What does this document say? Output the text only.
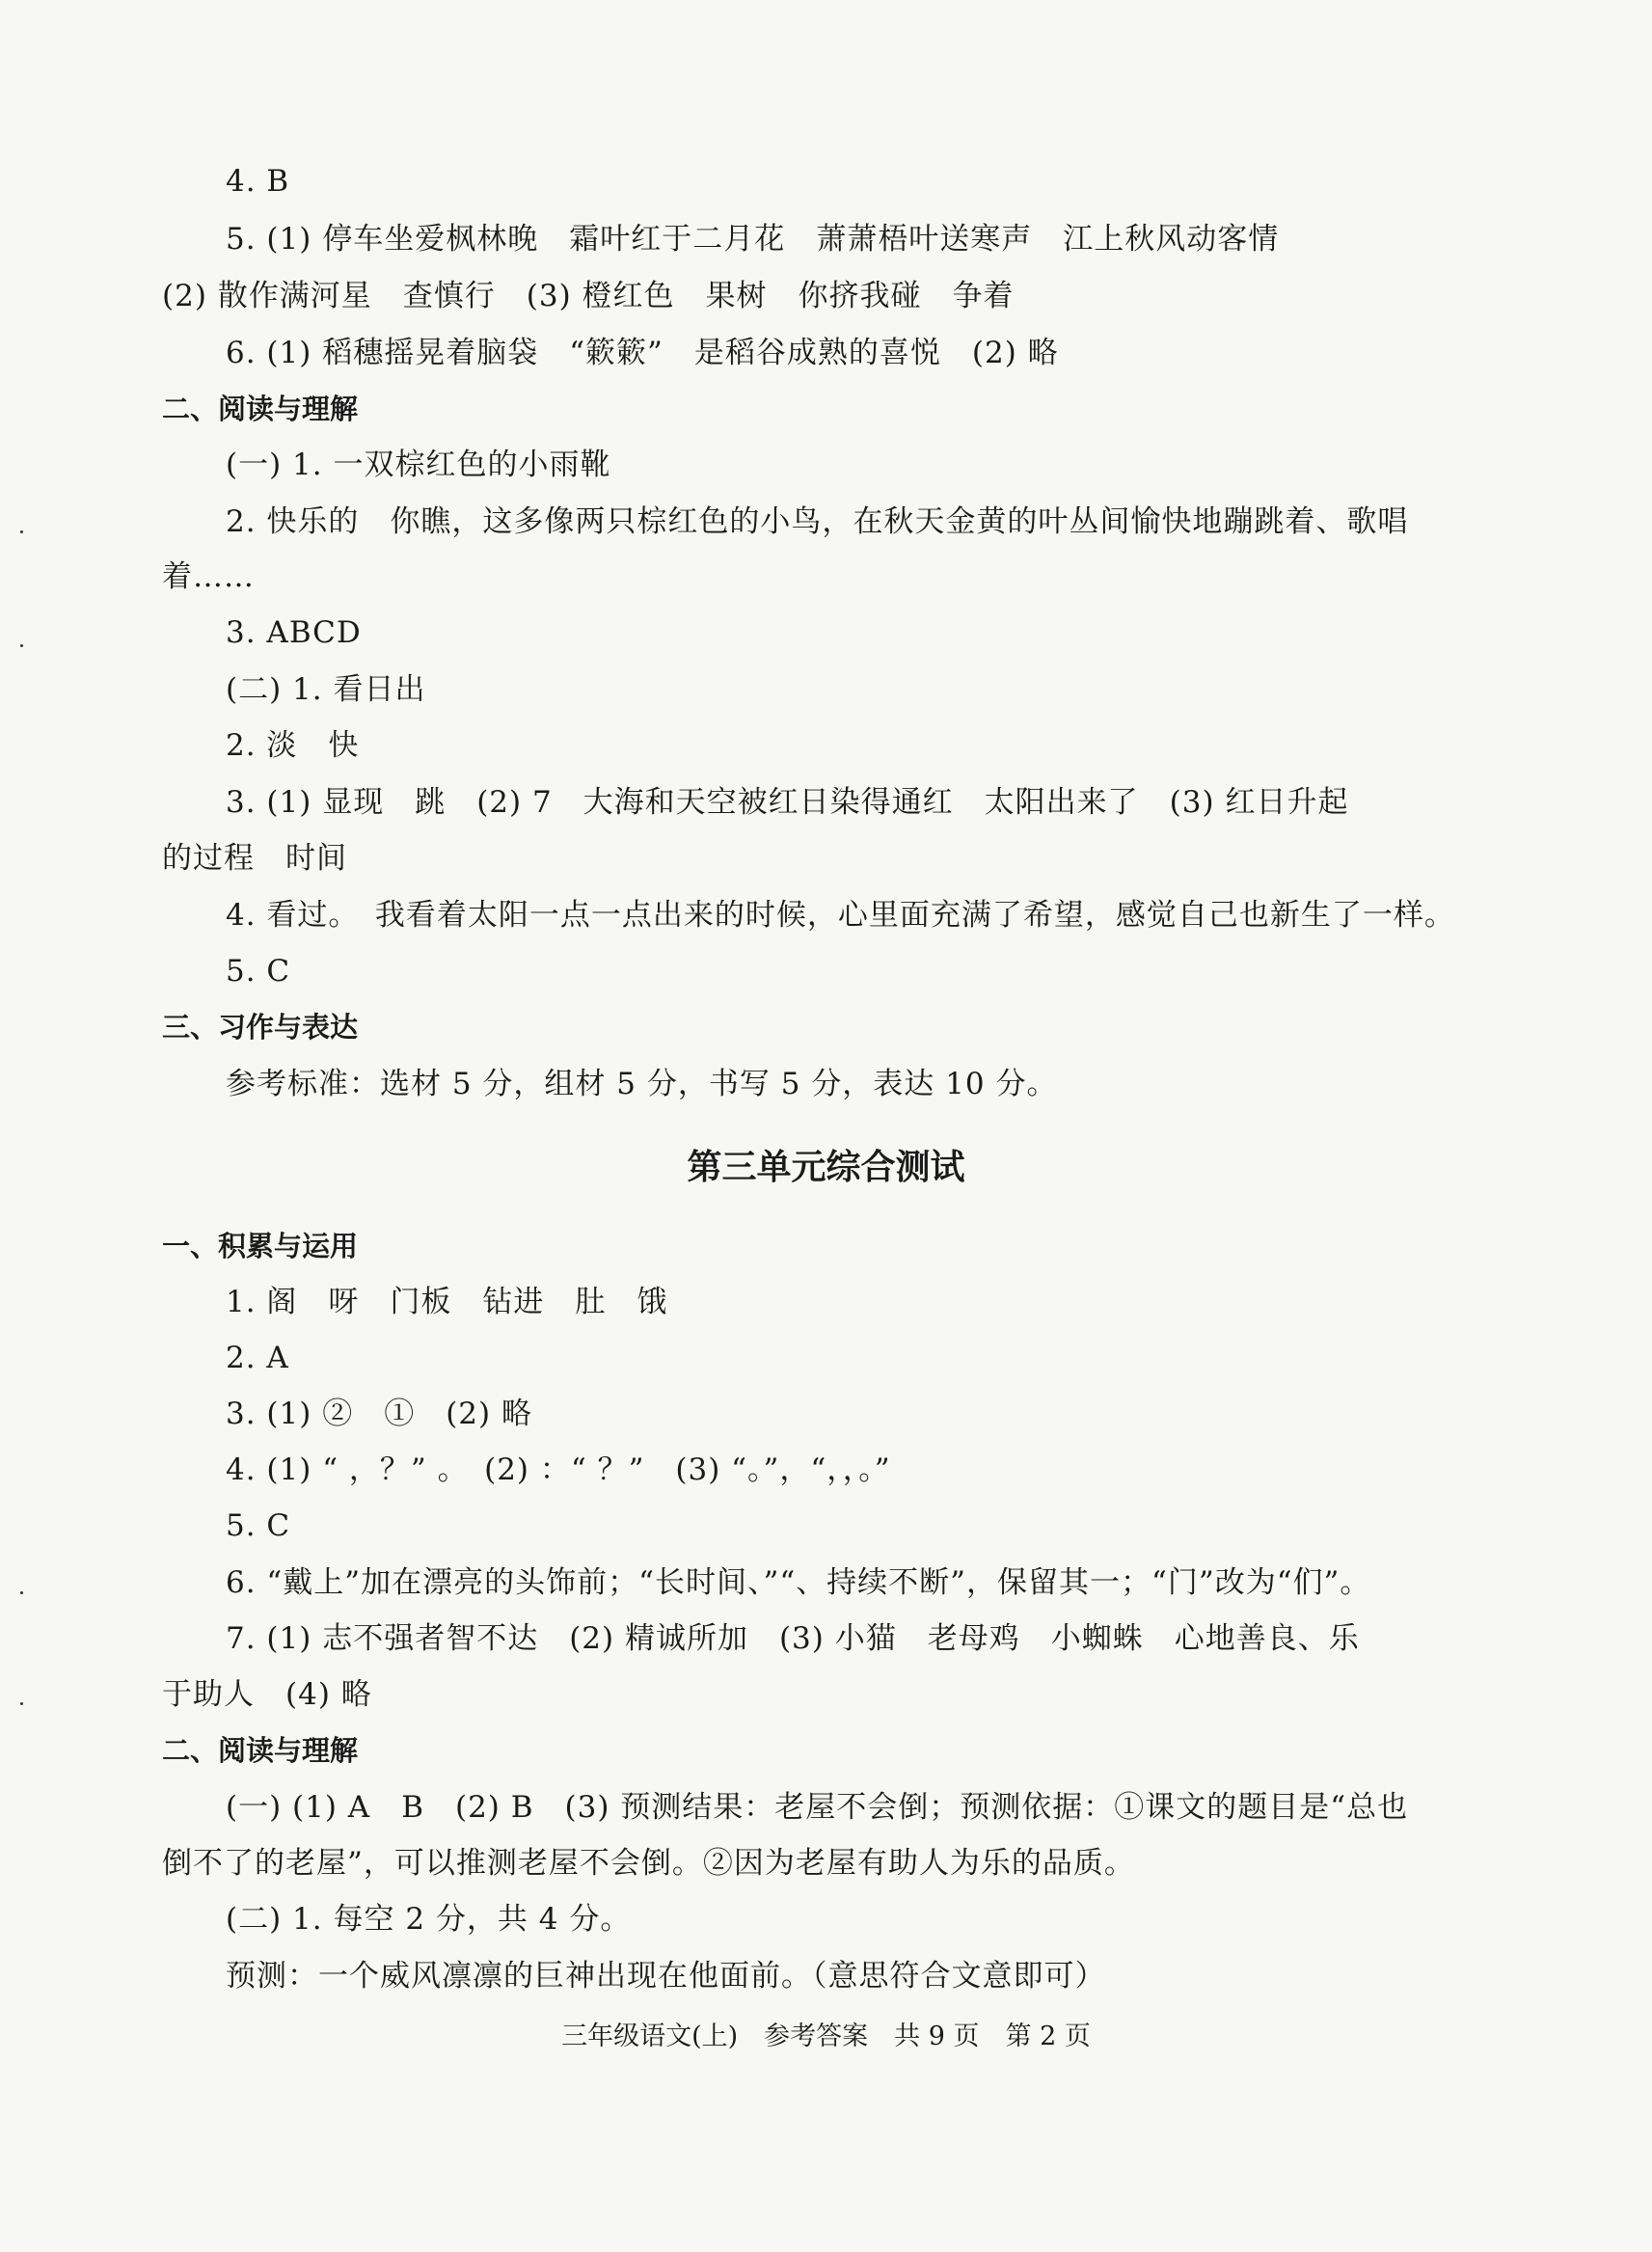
4. B
5. (1) 停车坐爱枫林晚　霜叶红于二月花　萧萧梧叶送寒声　江上秋风动客情
(2) 散作满河星　查慎行　(3) 橙红色　果树　你挤我碰　争着
6. (1) 稻穗摇晃着脑袋　“簌簌”　是稻谷成熟的喜悦　(2) 略
二、阅读与理解
(一) 1. 一双棕红色的小雨靴
2. 快乐的　你瞧，这多像两只棕红色的小鸟，在秋天金黄的叶丛间愉快地蹦跳着、歌唱
着……
3. ABCD
(二) 1. 看日出
2. 淡　快
3. (1) 显现　跳　(2) 7　大海和天空被红日染得通红　太阳出来了　(3) 红日升起
的过程　时间
4. 看过。　我看着太阳一点一点出来的时候，心里面充满了希望，感觉自己也新生了一样。
5. C
三、习作与表达
参考标准：选材 5 分，组材 5 分，书写 5 分，表达 10 分。
第三单元综合测试
一、积累与运用
1. 阁　呀　门板　钻进　肚　饿
2. A
3. (1) ②　①　(2) 略
4. (1) “ ，？” 。　(2) ：“ ？”　(3) “。”，“，，。”
5. C
6. “戴上”加在漂亮的头饰前；“长时间、”“、持续不断”，保留其一；“门”改为“们”。
7. (1) 志不强者智不达　(2) 精诚所加　(3) 小猫　老母鸡　小蜘蛛　心地善良、乐
于助人　(4) 略
二、阅读与理解
(一) (1) A　B　(2) B　(3) 预测结果：老屋不会倒；预测依据：①课文的题目是“总也
倒不了的老屋”，可以推测老屋不会倒。②因为老屋有助人为乐的品质。
(二) 1. 每空 2 分，共 4 分。
预测：一个威风凛凛的巨神出现在他面前。（意思符合文意即可）
三年级语文(上)　参考答案　共 9 页　第 2 页
